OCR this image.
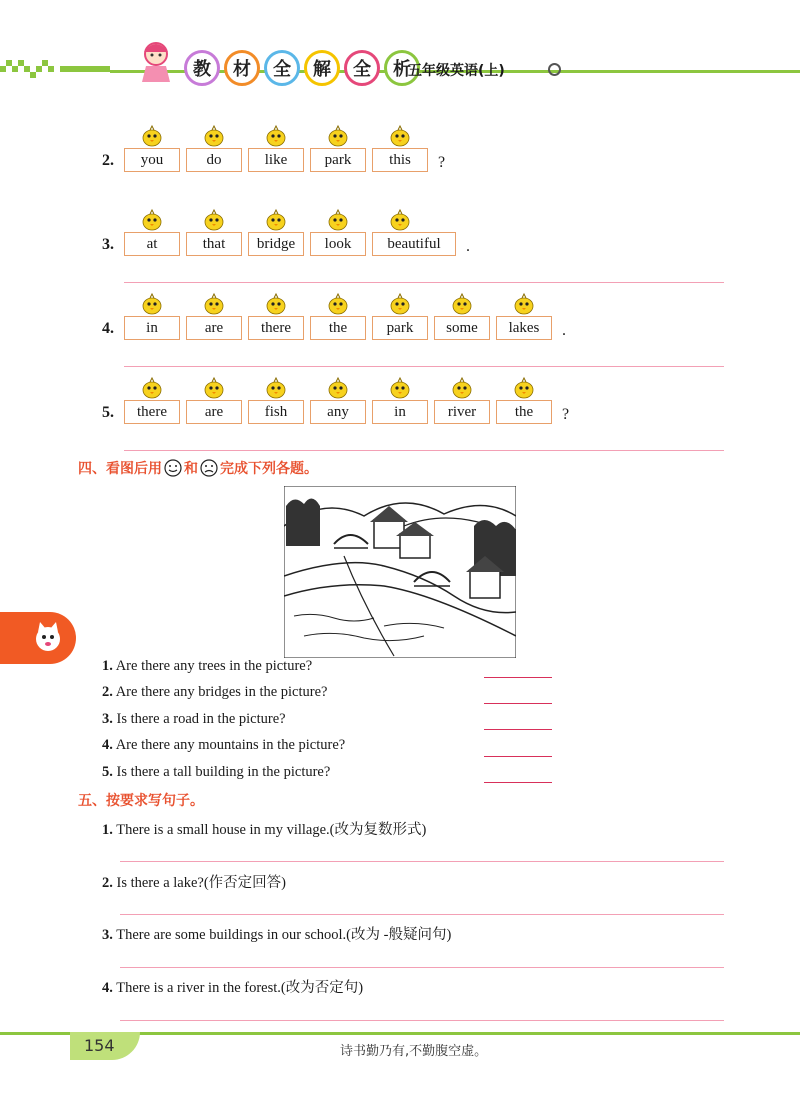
教	材	全	解	全	析
五年级英语(上)
2. you	do	like park	this ?
3. at	that bridge look beautiful .
4. in	are	there	the	park some lakes .
5. there	are	fish	any	in	river	the ?
四、看图后用 和 完成下列各题。
1. Are there any trees in the picture?
2. Are there any bridges in the picture?
3. Is there a road in the picture?
4. Are there any mountains in the picture?
5. Is there a tall building in the picture?
五、按要求写句子。
1. There is a small house in my village.(改为复数形式)
2. Is there a lake?(作否定回答)
3. There are some buildings in our school.(改为 -般疑问句)
4. There is a river in the forest.(改为否定句)
154	诗书勤乃有,不勤腹空虚。
